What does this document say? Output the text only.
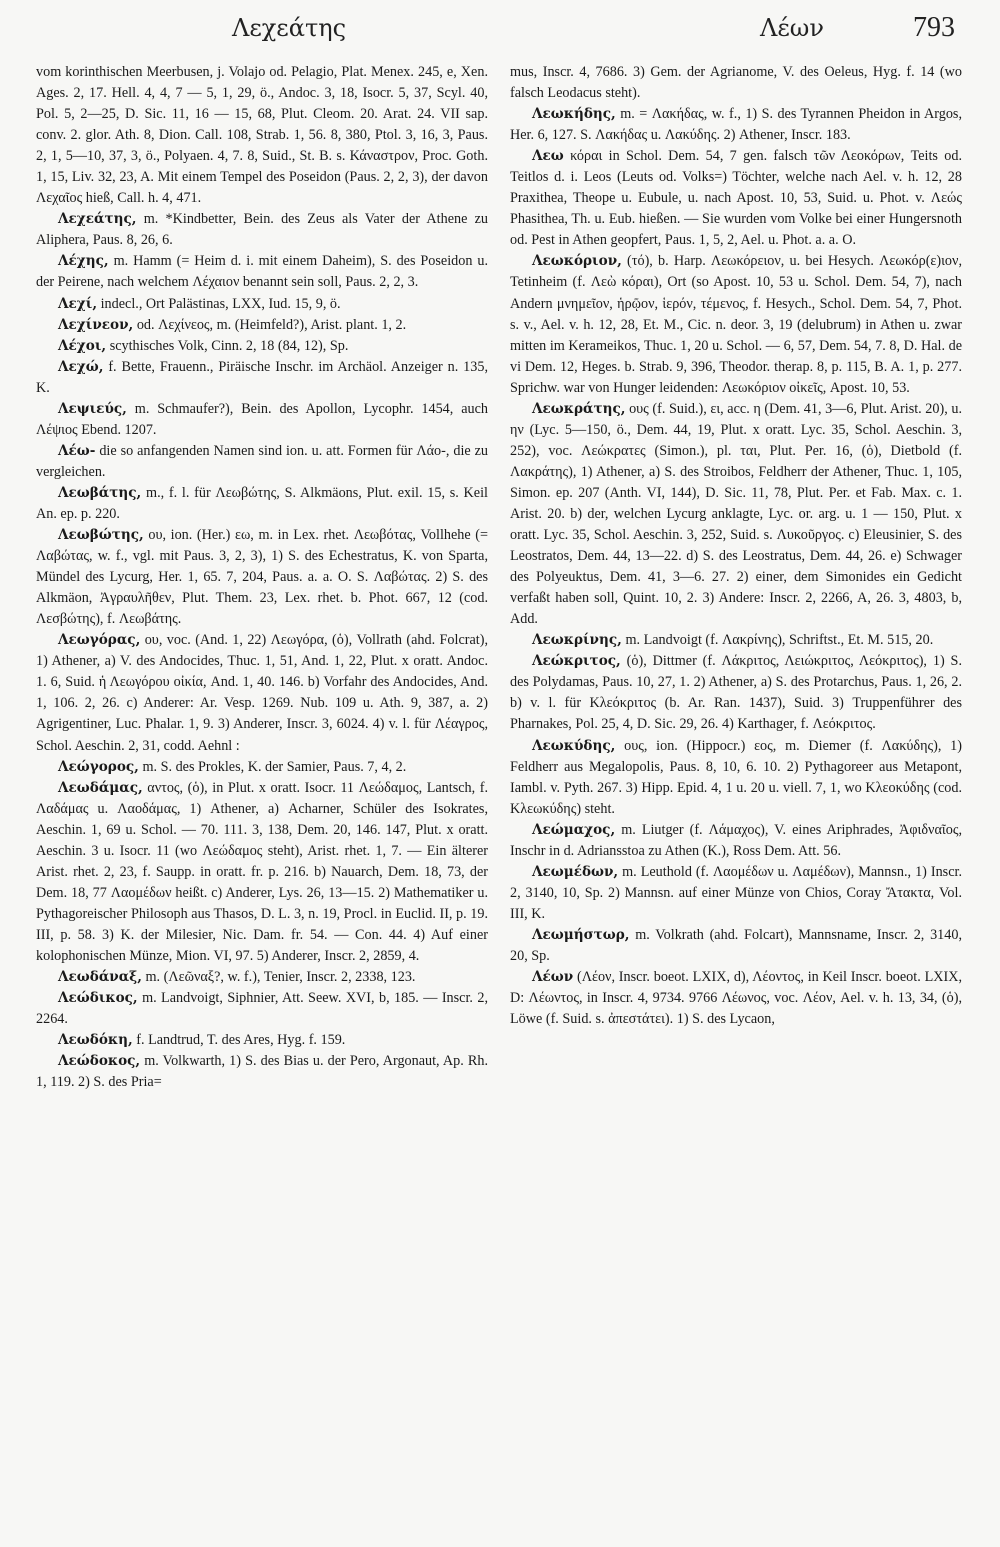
Λεχεάτης	Λέων	793

vom korinthischen Meerbusen, j. Volajo od. Pelagio, Plat. Menex. 245, e, Xen. Ages. 2, 17. Hell. 4, 4, 7 — 5, 1, 29, ö., Andoc. 3, 18, Isocr. 5, 37, Scyl. 40, Pol. 5, 2—25, D. Sic. 11, 16 — 15, 68, Plut. Cleom. 20. Arat. 24. VII sap. conv. 2. glor. Ath. 8, Dion. Call. 108, Strab. 1, 56. 8, 380, Ptol. 3, 16, 3, Paus. 2, 1, 5—10, 37, 3, ö., Polyaen. 4, 7. 8, Suid., St. B. s. Κάναστρον, Proc. Goth. 1, 15, Liv. 32, 23, A. Mit einem Tempel des Poseidon (Paus. 2, 2, 3), der davon Λεχαῖος hieß, Call. h. 4, 471.

Λεχεάτης, m. *Kindbetter, Bein. des Zeus als Vater der Athene zu Aliphera, Paus. 8, 26, 6.

Λέχης, m. Hamm (= Heim d. i. mit einem Daheim), S. des Poseidon u. der Peirene, nach welchem Λέχαιον benannt sein soll, Paus. 2, 2, 3.

Λεχί, indecl., Ort Palästinas, LXX, Iud. 15, 9, ö.

Λεχίνεον, od. Λεχίνεος, m. (Heimfeld?), Arist. plant. 1, 2.

Λέχοι, scythisches Volk, Cinn. 2, 18 (84, 12), Sp.

Λεχώ, f. Bette, Frauenn., Piräische Inschr. im Archäol. Anzeiger n. 135, K.

Λεψιεύς, m. Schmaufer?), Bein. des Apollon, Lycophr. 1454, auch Λέψιος Ebend. 1207.

Λέω- die so anfangenden Namen sind ion. u. att. Formen für Λάο-, die zu vergleichen.

Λεωβάτης, m., f. l. für Λεωβώτης, S. Alkmäons, Plut. exil. 15, s. Keil An. ep. p. 220.

Λεωβώτης, ου, ion. (Her.) εω, m. in Lex. rhet. Λεωβότας, Vollhehe (= Λαβώτας, w. f., vgl. mit Paus. 3, 2, 3), 1) S. des Echestratus, K. von Sparta, Mündel des Lycurg, Her. 1, 65. 7, 204, Paus. a. a. O. S. Λαβώτας. 2) S. des Alkmäon, Ἀγραυλῆθεν, Plut. Them. 23, Lex. rhet. b. Phot. 667, 12 (cod. Λεσβώτης), f. Λεωβάτης.

Λεωγόρας, ου, voc. (And. 1, 22) Λεωγόρα, (ὁ), Vollrath (ahd. Folcrat), 1) Athener, a) V. des Andocides, Thuc. 1, 51, And. 1, 22, Plut. x oratt. Andoc. 1. 6, Suid. ἡ Λεωγόρου οἰκία, And. 1, 40. 146. b) Vorfahr des Andocides, And. 1, 106. 2, 26. c) Anderer: Ar. Vesp. 1269. Nub. 109 u. Ath. 9, 387, a. 2) Agrigentiner, Luc. Phalar. 1, 9. 3) Anderer, Inscr. 3, 6024. 4) v. l. für Λέαγρος, Schol. Aeschin. 2, 31, codd. Aehnl :

Λεώγορος, m. S. des Prokles, K. der Samier, Paus. 7, 4, 2.

Λεωδάμας, αντος, (ὁ), in Plut. x oratt. Isocr. 11 Λεώδαμος, Lantsch, f. Λαδάμας u. Λαοδάμας, 1) Athener, a) Acharner, Schüler des Isokrates, Aeschin. 1, 69 u. Schol. — 70. 111. 3, 138, Dem. 20, 146. 147, Plut. x oratt. Aeschin. 3 u. Isocr. 11 (wo Λεώδαμος steht), Arist. rhet. 1, 7. — Ein älterer Arist. rhet. 2, 23, f. Saupp. in oratt. fr. p. 216. b) Nauarch, Dem. 18, 73, der Dem. 18, 77 Λαομέδων heißt. c) Anderer, Lys. 26, 13—15. 2) Mathematiker u. Pythagoreischer Philosoph aus Thasos, D. L. 3, n. 19, Procl. in Euclid. II, p. 19. III, p. 58. 3) K. der Milesier, Nic. Dam. fr. 54. — Con. 44. 4) Auf einer kolophonischen Münze, Mion. VI, 97. 5) Anderer, Inscr. 2, 2859, 4.

Λεωδάναξ, m. (Λεῶναξ?, w. f.), Tenier, Inscr. 2, 2338, 123.

Λεώδικος, m. Landvoigt, Siphnier, Att. Seew. XVI, b, 185. — Inscr. 2, 2264.

Λεωδόκη, f. Landtrud, T. des Ares, Hyg. f. 159.

Λεώδοκος, m. Volkwarth, 1) S. des Bias u. der Pero, Argonaut, Ap. Rh. 1, 119. 2) S. des Pria=

mus, Inscr. 4, 7686. 3) Gem. der Agrianome, V. des Oeleus, Hyg. f. 14 (wo falsch Leodacus steht).

Λεωκήδης, m. = Λακήδας, w. f., 1) S. des Tyrannen Pheidon in Argos, Her. 6, 127. S. Λακήδας u. Λακύδης. 2) Athener, Inscr. 183.

Λεω κόραι in Schol. Dem. 54, 7 gen. falsch τῶν Λεοκόρων, Teits od. Teitlos d. i. Leos (Leuts od. Volks=) Töchter, welche nach Ael. v. h. 12, 28 Praxithea, Theope u. Eubule, u. nach Apost. 10, 53, Suid. u. Phot. v. Λεώς Phasithea, Th. u. Eub. hießen. — Sie wurden vom Volke bei einer Hungersnoth od. Pest in Athen geopfert, Paus. 1, 5, 2, Ael. u. Phot. a. a. O.

Λεωκόριον, (τό), b. Harp. Λεωκόρειον, u. bei Hesych. Λεωκόρ(ε)ιον, Tetinheim (f. Λεὼ κόραι), Ort (so Apost. 10, 53 u. Schol. Dem. 54, 7), nach Andern μνημεῖον, ἡρῷον, ἱερόν, τέμενος, f. Hesych., Schol. Dem. 54, 7, Phot. s. v., Ael. v. h. 12, 28, Et. M., Cic. n. deor. 3, 19 (delubrum) in Athen u. zwar mitten im Kerameikos, Thuc. 1, 20 u. Schol. — 6, 57, Dem. 54, 7. 8, D. Hal. de vi Dem. 12, Heges. b. Strab. 9, 396, Theodor. therap. 8, p. 115, B. A. 1, p. 277. Sprichw. war von Hunger leidenden: Λεωκόριον οἰκεῖς, Apost. 10, 53.

Λεωκράτης, ους (f. Suid.), ει, acc. η (Dem. 41, 3—6, Plut. Arist. 20), u. ην (Lyc. 5—150, ö., Dem. 44, 19, Plut. x oratt. Lyc. 35, Schol. Aeschin. 3, 252), voc. Λεώκρατες (Simon.), pl. ται, Plut. Per. 16, (ὁ), Dietbold (f. Λακράτης), 1) Athener, a) S. des Stroibos, Feldherr der Athener, Thuc. 1, 105, Simon. ep. 207 (Anth. VI, 144), D. Sic. 11, 78, Plut. Per. et Fab. Max. c. 1. Arist. 20. b) der, welchen Lycurg anklagte, Lyc. or. arg. u. 1 — 150, Plut. x oratt. Lyc. 35, Schol. Aeschin. 3, 252, Suid. s. Λυκοῦργος. c) Eleusinier, S. des Leostratos, Dem. 44, 13—22. d) S. des Leostratus, Dem. 44, 26. e) Schwager des Polyeuktus, Dem. 41, 3—6. 27. 2) einer, dem Simonides ein Gedicht verfaßt haben soll, Quint. 10, 2. 3) Andere: Inscr. 2, 2266, A, 26. 3, 4803, b, Add.

Λεωκρίνης, m. Landvoigt (f. Λακρίνης), Schriftst., Et. M. 515, 20.

Λεώκριτος, (ὁ), Dittmer (f. Λάκριτος, Λειώκριτος, Λεόκριτος), 1) S. des Polydamas, Paus. 10, 27, 1. 2) Athener, a) S. des Protarchus, Paus. 1, 26, 2. b) v. l. für Κλεόκριτος (b. Ar. Ran. 1437), Suid. 3) Truppenführer des Pharnakes, Pol. 25, 4, D. Sic. 29, 26. 4) Karthager, f. Λεόκριτος.

Λεωκύδης, ους, ion. (Hippocr.) εος, m. Diemer (f. Λακύδης), 1) Feldherr aus Megalopolis, Paus. 8, 10, 6. 10. 2) Pythagoreer aus Metapont, Iambl. v. Pyth. 267. 3) Hipp. Epid. 4, 1 u. 20 u. viell. 7, 1, wo Κλεοκύδης (cod. Κλεωκύδης) steht.

Λεώμαχος, m. Liutger (f. Λάμαχος), V. eines Ariphrades, Ἀφιδναῖος, Inschr in d. Adriansstoa zu Athen (K.), Ross Dem. Att. 56.

Λεωμέδων, m. Leuthold (f. Λαομέδων u. Λαμέδων), Mannsn., 1) Inscr. 2, 3140, 10, Sp. 2) Mannsn. auf einer Münze von Chios, Coray Ἄτακτα, Vol. III, K.

Λεωμήστωρ, m. Volkrath (ahd. Folcart), Mannsname, Inscr. 2, 3140, 20, Sp.

Λέων (Λέον, Inscr. boeot. LXIX, d), Λέοντος, in Keil Inscr. boeot. LXIX, D: Λέωντος, in Inscr. 4, 9734. 9766 Λέωνος, voc. Λέον, Ael. v. h. 13, 34, (ὁ), Löwe (f. Suid. s. ἀπεστάτει). 1) S. des Lycaon,
